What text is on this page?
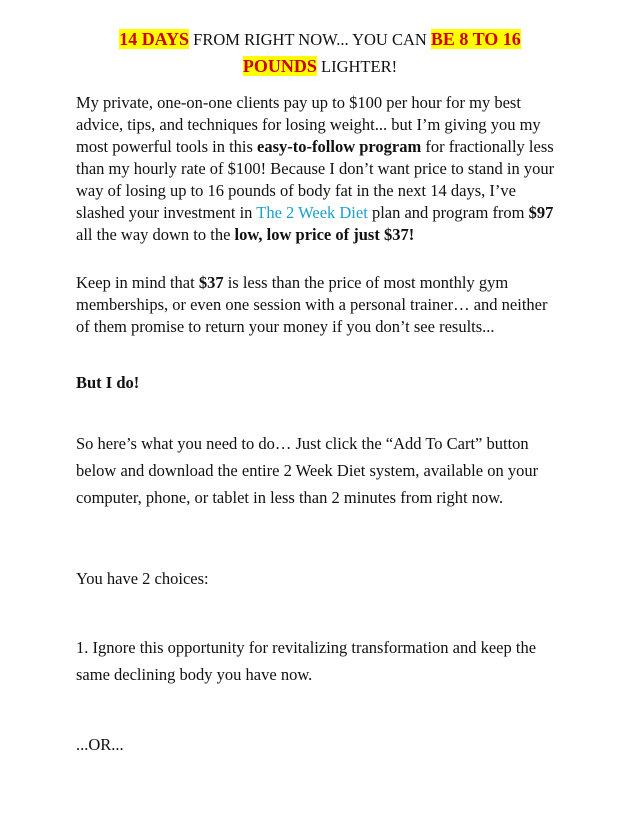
14 DAYS FROM RIGHT NOW... YOU CAN BE 8 TO 16
POUNDS LIGHTER!
My private, one-on-one clients pay up to $100 per hour for my best advice, tips, and techniques for losing weight... but I’m giving you my most powerful tools in this easy-to-follow program for fractionally less than my hourly rate of $100! Because I don’t want price to stand in your way of losing up to 16 pounds of body fat in the next 14 days, I’ve slashed your investment in The 2 Week Diet plan and program from $97 all the way down to the low, low price of just $37!
Keep in mind that $37 is less than the price of most monthly gym memberships, or even one session with a personal trainer… and neither of them promise to return your money if you don’t see results...
But I do!
So here’s what you need to do… Just click the “Add To Cart” button below and download the entire 2 Week Diet system, available on your computer, phone, or tablet in less than 2 minutes from right now.
You have 2 choices:
1. Ignore this opportunity for revitalizing transformation and keep the same declining body you have now.
...OR...
